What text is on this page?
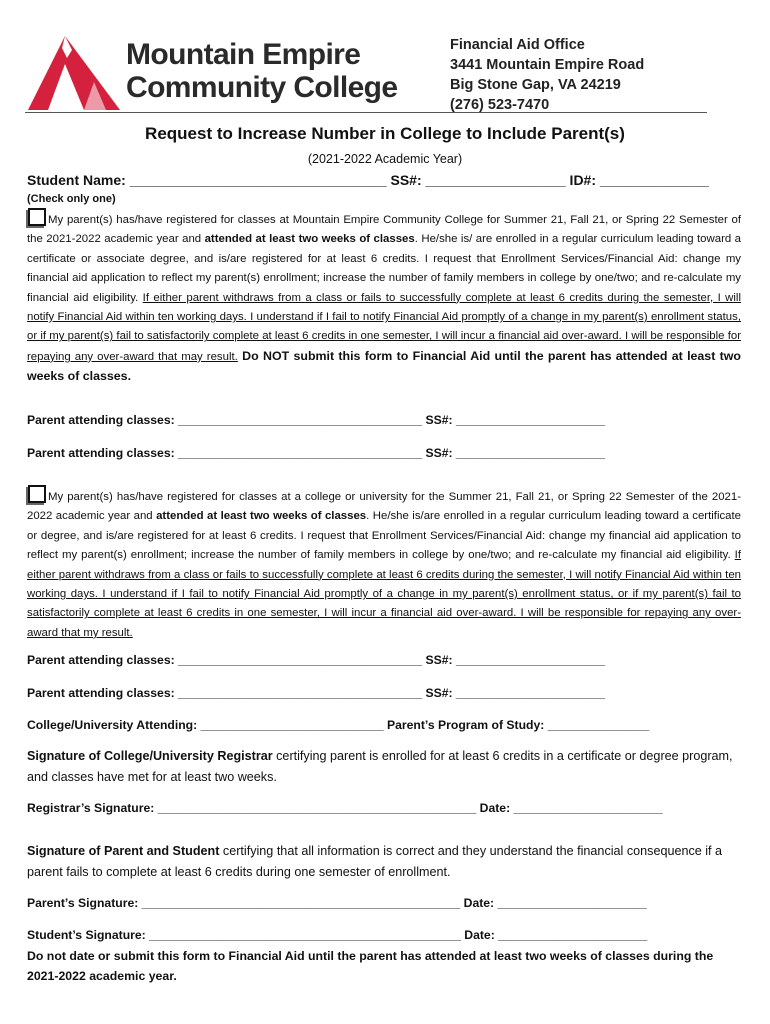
Mountain Empire
Community College
Financial Aid Office
3441 Mountain Empire Road
Big Stone Gap, VA 24219
(276) 523-7470
Request to Increase Number in College to Include Parent(s)
(2021-2022 Academic Year)
Student Name: _________________________________ SS#: __________________ ID#: ______________
(Check only one)
My parent(s) has/have registered for classes at Mountain Empire Community College for Summer 21, Fall 21, or Spring 22 Semester of the 2021-2022 academic year and attended at least two weeks of classes. He/she is/ are enrolled in a regular curriculum leading toward a certificate or associate degree, and is/are registered for at least 6 credits. I request that Enrollment Services/Financial Aid: change my financial aid application to reflect my parent(s) enrollment; increase the number of family members in college by one/two; and re-calculate my financial aid eligibility. If either parent withdraws from a class or fails to successfully complete at least 6 credits during the semester, I will notify Financial Aid within ten working days. I understand if I fail to notify Financial Aid promptly of a change in my parent(s) enrollment status, or if my parent(s) fail to satisfactorily complete at least 6 credits in one semester, I will incur a financial aid over-award. I will be responsible for repaying any over-award that may result. Do NOT submit this form to Financial Aid until the parent has attended at least two weeks of classes.
Parent attending classes: ____________________________________ SS#: ______________________
Parent attending classes: ____________________________________ SS#: ______________________
My parent(s) has/have registered for classes at a college or university for the Summer 21, Fall 21, or Spring 22 Semester of the 2021-2022 academic year and attended at least two weeks of classes. He/she is/are enrolled in a regular curriculum leading toward a certificate or degree, and is/are registered for at least 6 credits. I request that Enrollment Services/Financial Aid: change my financial aid application to reflect my parent(s) enrollment; increase the number of family members in college by one/two; and re-calculate my financial aid eligibility. If either parent withdraws from a class or fails to successfully complete at least 6 credits during the semester, I will notify Financial Aid within ten working days. I understand if I fail to notify Financial Aid promptly of a change in my parent(s) enrollment status, or if my parent(s) fail to satisfactorily complete at least 6 credits in one semester, I will incur a financial aid over-award. I will be responsible for repaying any over-award that my result.
Parent attending classes: ____________________________________ SS#: ______________________
Parent attending classes: ____________________________________ SS#: ______________________
College/University Attending: ___________________________ Parent’s Program of Study: _______________
Signature of College/University Registrar certifying parent is enrolled for at least 6 credits in a certificate or degree program, and classes have met for at least two weeks.
Registrar’s Signature: _______________________________________________ Date: ______________________
Signature of Parent and Student certifying that all information is correct and they understand the financial consequence if a parent fails to complete at least 6 credits during one semester of enrollment.
Parent’s Signature: _______________________________________________ Date: ______________________
Student’s Signature: ______________________________________________ Date: ______________________
Do not date or submit this form to Financial Aid until the parent has attended at least two weeks of classes during the 2021-2022 academic year.
